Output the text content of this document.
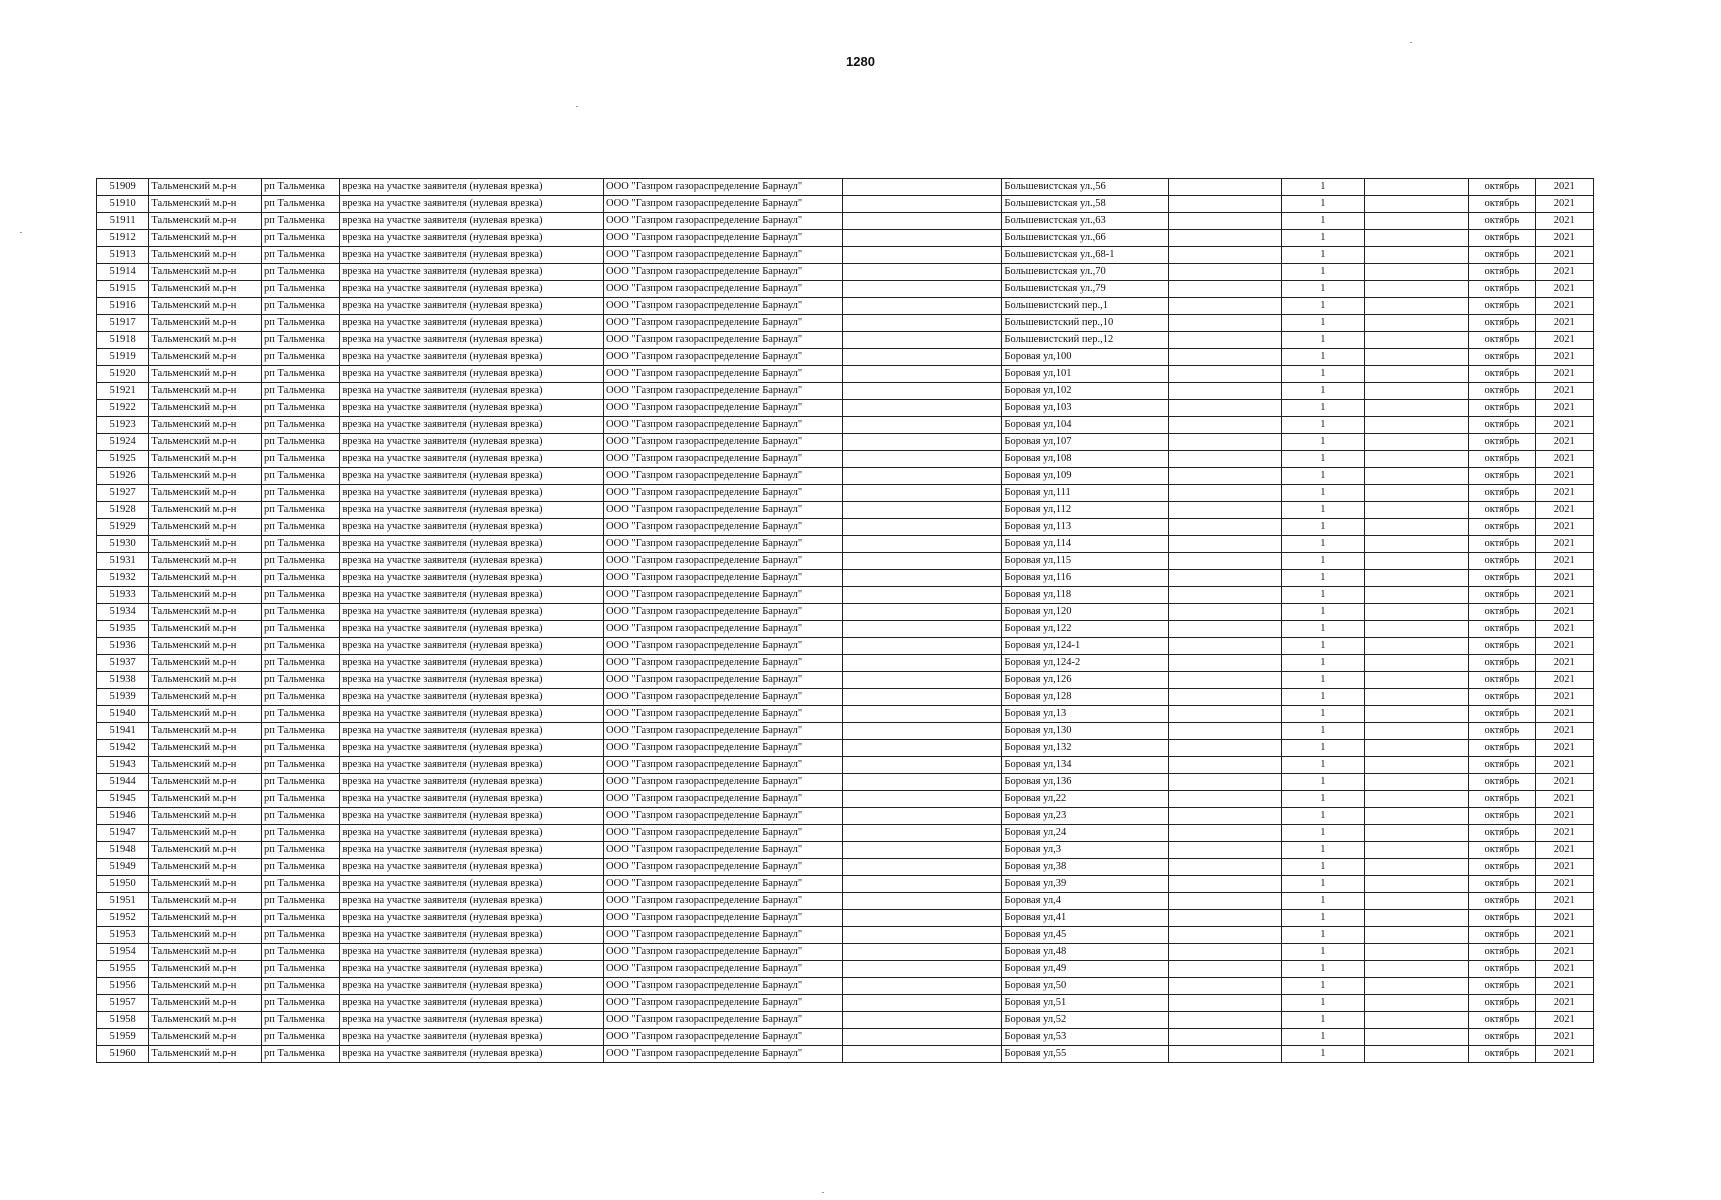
1280
51909	Тальменский м.р-н	рп Тальменка	врезка на участке заявителя (нулевая врезка)	ООО "Газпром газораспределение Барнаул"		Большевистская ул.,56		1		октябрь	2021
51910	Тальменский м.р-н	рп Тальменка	врезка на участке заявителя (нулевая врезка)	ООО "Газпром газораспределение Барнаул"		Большевистская ул.,58		1		октябрь	2021
51911	Тальменский м.р-н	рп Тальменка	врезка на участке заявителя (нулевая врезка)	ООО "Газпром газораспределение Барнаул"		Большевистская ул.,63		1		октябрь	2021
51912	Тальменский м.р-н	рп Тальменка	врезка на участке заявителя (нулевая врезка)	ООО "Газпром газораспределение Барнаул"		Большевистская ул.,66		1		октябрь	2021
51913	Тальменский м.р-н	рп Тальменка	врезка на участке заявителя (нулевая врезка)	ООО "Газпром газораспределение Барнаул"		Большевистская ул.,68-1		1		октябрь	2021
51914	Тальменский м.р-н	рп Тальменка	врезка на участке заявителя (нулевая врезка)	ООО "Газпром газораспределение Барнаул"		Большевистская ул.,70		1		октябрь	2021
51915	Тальменский м.р-н	рп Тальменка	врезка на участке заявителя (нулевая врезка)	ООО "Газпром газораспределение Барнаул"		Большевистская ул.,79		1		октябрь	2021
51916	Тальменский м.р-н	рп Тальменка	врезка на участке заявителя (нулевая врезка)	ООО "Газпром газораспределение Барнаул"		Большевистский пер.,1		1		октябрь	2021
51917	Тальменский м.р-н	рп Тальменка	врезка на участке заявителя (нулевая врезка)	ООО "Газпром газораспределение Барнаул"		Большевистский пер.,10		1		октябрь	2021
51918	Тальменский м.р-н	рп Тальменка	врезка на участке заявителя (нулевая врезка)	ООО "Газпром газораспределение Барнаул"		Большевистский пер.,12		1		октябрь	2021
51919	Тальменский м.р-н	рп Тальменка	врезка на участке заявителя (нулевая врезка)	ООО "Газпром газораспределение Барнаул"		Боровая ул,100		1		октябрь	2021
51920	Тальменский м.р-н	рп Тальменка	врезка на участке заявителя (нулевая врезка)	ООО "Газпром газораспределение Барнаул"		Боровая ул,101		1		октябрь	2021
51921	Тальменский м.р-н	рп Тальменка	врезка на участке заявителя (нулевая врезка)	ООО "Газпром газораспределение Барнаул"		Боровая ул,102		1		октябрь	2021
51922	Тальменский м.р-н	рп Тальменка	врезка на участке заявителя (нулевая врезка)	ООО "Газпром газораспределение Барнаул"		Боровая ул,103		1		октябрь	2021
51923	Тальменский м.р-н	рп Тальменка	врезка на участке заявителя (нулевая врезка)	ООО "Газпром газораспределение Барнаул"		Боровая ул,104		1		октябрь	2021
51924	Тальменский м.р-н	рп Тальменка	врезка на участке заявителя (нулевая врезка)	ООО "Газпром газораспределение Барнаул"		Боровая ул,107		1		октябрь	2021
51925	Тальменский м.р-н	рп Тальменка	врезка на участке заявителя (нулевая врезка)	ООО "Газпром газораспределение Барнаул"		Боровая ул,108		1		октябрь	2021
51926	Тальменский м.р-н	рп Тальменка	врезка на участке заявителя (нулевая врезка)	ООО "Газпром газораспределение Барнаул"		Боровая ул,109		1		октябрь	2021
51927	Тальменский м.р-н	рп Тальменка	врезка на участке заявителя (нулевая врезка)	ООО "Газпром газораспределение Барнаул"		Боровая ул,111		1		октябрь	2021
51928	Тальменский м.р-н	рп Тальменка	врезка на участке заявителя (нулевая врезка)	ООО "Газпром газораспределение Барнаул"		Боровая ул,112		1		октябрь	2021
51929	Тальменский м.р-н	рп Тальменка	врезка на участке заявителя (нулевая врезка)	ООО "Газпром газораспределение Барнаул"		Боровая ул,113		1		октябрь	2021
51930	Тальменский м.р-н	рп Тальменка	врезка на участке заявителя (нулевая врезка)	ООО "Газпром газораспределение Барнаул"		Боровая ул,114		1		октябрь	2021
51931	Тальменский м.р-н	рп Тальменка	врезка на участке заявителя (нулевая врезка)	ООО "Газпром газораспределение Барнаул"		Боровая ул,115		1		октябрь	2021
51932	Тальменский м.р-н	рп Тальменка	врезка на участке заявителя (нулевая врезка)	ООО "Газпром газораспределение Барнаул"		Боровая ул,116		1		октябрь	2021
51933	Тальменский м.р-н	рп Тальменка	врезка на участке заявителя (нулевая врезка)	ООО "Газпром газораспределение Барнаул"		Боровая ул,118		1		октябрь	2021
51934	Тальменский м.р-н	рп Тальменка	врезка на участке заявителя (нулевая врезка)	ООО "Газпром газораспределение Барнаул"		Боровая ул,120		1		октябрь	2021
51935	Тальменский м.р-н	рп Тальменка	врезка на участке заявителя (нулевая врезка)	ООО "Газпром газораспределение Барнаул"		Боровая ул,122		1		октябрь	2021
51936	Тальменский м.р-н	рп Тальменка	врезка на участке заявителя (нулевая врезка)	ООО "Газпром газораспределение Барнаул"		Боровая ул,124-1		1		октябрь	2021
51937	Тальменский м.р-н	рп Тальменка	врезка на участке заявителя (нулевая врезка)	ООО "Газпром газораспределение Барнаул"		Боровая ул,124-2		1		октябрь	2021
51938	Тальменский м.р-н	рп Тальменка	врезка на участке заявителя (нулевая врезка)	ООО "Газпром газораспределение Барнаул"		Боровая ул,126		1		октябрь	2021
51939	Тальменский м.р-н	рп Тальменка	врезка на участке заявителя (нулевая врезка)	ООО "Газпром газораспределение Барнаул"		Боровая ул,128		1		октябрь	2021
51940	Тальменский м.р-н	рп Тальменка	врезка на участке заявителя (нулевая врезка)	ООО "Газпром газораспределение Барнаул"		Боровая ул,13		1		октябрь	2021
51941	Тальменский м.р-н	рп Тальменка	врезка на участке заявителя (нулевая врезка)	ООО "Газпром газораспределение Барнаул"		Боровая ул,130		1		октябрь	2021
51942	Тальменский м.р-н	рп Тальменка	врезка на участке заявителя (нулевая врезка)	ООО "Газпром газораспределение Барнаул"		Боровая ул,132		1		октябрь	2021
51943	Тальменский м.р-н	рп Тальменка	врезка на участке заявителя (нулевая врезка)	ООО "Газпром газораспределение Барнаул"		Боровая ул,134		1		октябрь	2021
51944	Тальменский м.р-н	рп Тальменка	врезка на участке заявителя (нулевая врезка)	ООО "Газпром газораспределение Барнаул"		Боровая ул,136		1		октябрь	2021
51945	Тальменский м.р-н	рп Тальменка	врезка на участке заявителя (нулевая врезка)	ООО "Газпром газораспределение Барнаул"		Боровая ул,22		1		октябрь	2021
51946	Тальменский м.р-н	рп Тальменка	врезка на участке заявителя (нулевая врезка)	ООО "Газпром газораспределение Барнаул"		Боровая ул,23		1		октябрь	2021
51947	Тальменский м.р-н	рп Тальменка	врезка на участке заявителя (нулевая врезка)	ООО "Газпром газораспределение Барнаул"		Боровая ул,24		1		октябрь	2021
51948	Тальменский м.р-н	рп Тальменка	врезка на участке заявителя (нулевая врезка)	ООО "Газпром газораспределение Барнаул"		Боровая ул,3		1		октябрь	2021
51949	Тальменский м.р-н	рп Тальменка	врезка на участке заявителя (нулевая врезка)	ООО "Газпром газораспределение Барнаул"		Боровая ул,38		1		октябрь	2021
51950	Тальменский м.р-н	рп Тальменка	врезка на участке заявителя (нулевая врезка)	ООО "Газпром газораспределение Барнаул"		Боровая ул,39		1		октябрь	2021
51951	Тальменский м.р-н	рп Тальменка	врезка на участке заявителя (нулевая врезка)	ООО "Газпром газораспределение Барнаул"		Боровая ул,4		1		октябрь	2021
51952	Тальменский м.р-н	рп Тальменка	врезка на участке заявителя (нулевая врезка)	ООО "Газпром газораспределение Барнаул"		Боровая ул,41		1		октябрь	2021
51953	Тальменский м.р-н	рп Тальменка	врезка на участке заявителя (нулевая врезка)	ООО "Газпром газораспределение Барнаул"		Боровая ул,45		1		октябрь	2021
51954	Тальменский м.р-н	рп Тальменка	врезка на участке заявителя (нулевая врезка)	ООО "Газпром газораспределение Барнаул"		Боровая ул,48		1		октябрь	2021
51955	Тальменский м.р-н	рп Тальменка	врезка на участке заявителя (нулевая врезка)	ООО "Газпром газораспределение Барнаул"		Боровая ул,49		1		октябрь	2021
51956	Тальменский м.р-н	рп Тальменка	врезка на участке заявителя (нулевая врезка)	ООО "Газпром газораспределение Барнаул"		Боровая ул,50		1		октябрь	2021
51957	Тальменский м.р-н	рп Тальменка	врезка на участке заявителя (нулевая врезка)	ООО "Газпром газораспределение Барнаул"		Боровая ул,51		1		октябрь	2021
51958	Тальменский м.р-н	рп Тальменка	врезка на участке заявителя (нулевая врезка)	ООО "Газпром газораспределение Барнаул"		Боровая ул,52		1		октябрь	2021
51959	Тальменский м.р-н	рп Тальменка	врезка на участке заявителя (нулевая врезка)	ООО "Газпром газораспределение Барнаул"		Боровая ул,53		1		октябрь	2021
51960	Тальменский м.р-н	рп Тальменка	врезка на участке заявителя (нулевая врезка)	ООО "Газпром газораспределение Барнаул"		Боровая ул,55		1		октябрь	2021
